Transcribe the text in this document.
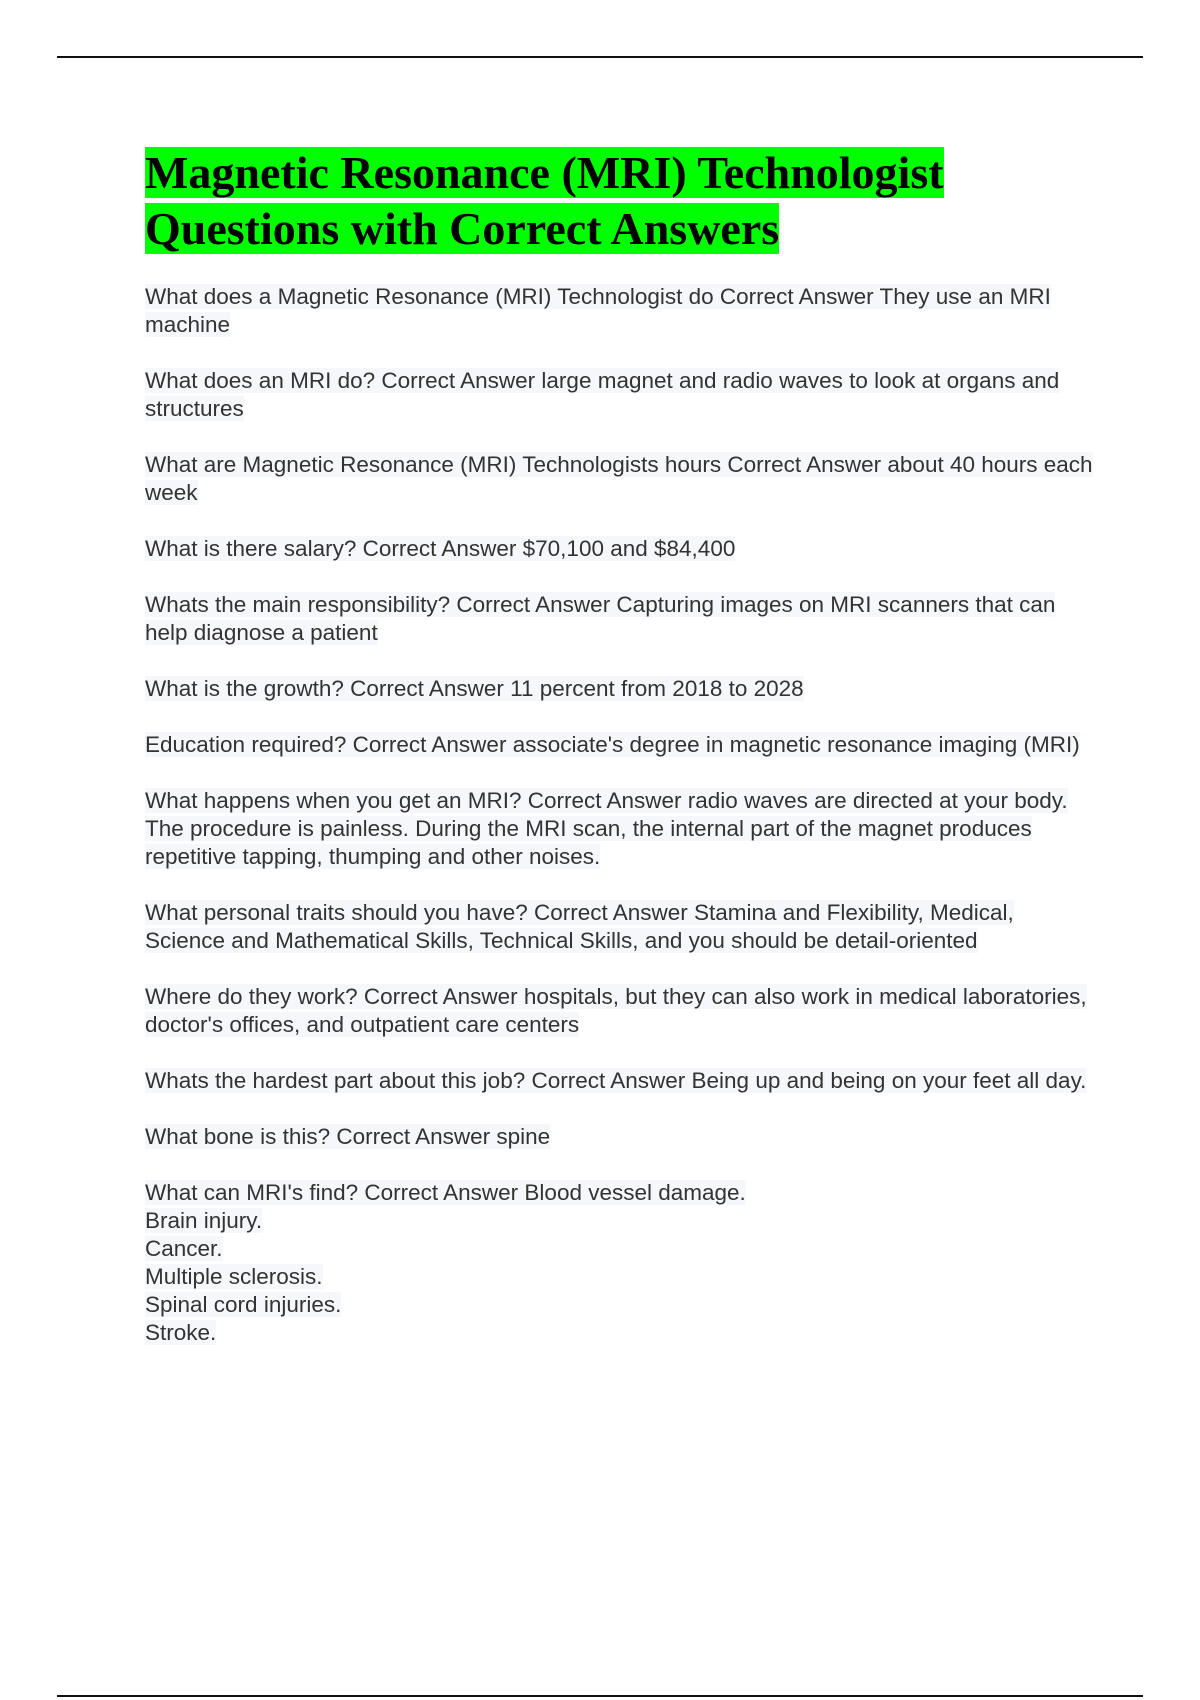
Magnetic Resonance (MRI) Technologist
Questions with Correct Answers

What does a Magnetic Resonance (MRI) Technologist do Correct Answer They use an MRI machine

What does an MRI do? Correct Answer large magnet and radio waves to look at organs and structures

What are Magnetic Resonance (MRI) Technologists hours Correct Answer about 40 hours each week

What is there salary? Correct Answer $70,100 and $84,400

Whats the main responsibility? Correct Answer Capturing images on MRI scanners that can help diagnose a patient

What is the growth? Correct Answer 11 percent from 2018 to 2028

Education required? Correct Answer associate's degree in magnetic resonance imaging (MRI)

What happens when you get an MRI? Correct Answer radio waves are directed at your body. The procedure is painless. During the MRI scan, the internal part of the magnet produces repetitive tapping, thumping and other noises.

What personal traits should you have? Correct Answer Stamina and Flexibility, Medical, Science and Mathematical Skills, Technical Skills, and you should be detail-oriented

Where do they work? Correct Answer hospitals, but they can also work in medical laboratories, doctor's offices, and outpatient care centers

Whats the hardest part about this job? Correct Answer Being up and being on your feet all day.

What bone is this? Correct Answer spine

What can MRI's find? Correct Answer Blood vessel damage.
Brain injury.
Cancer.
Multiple sclerosis.
Spinal cord injuries.
Stroke.
